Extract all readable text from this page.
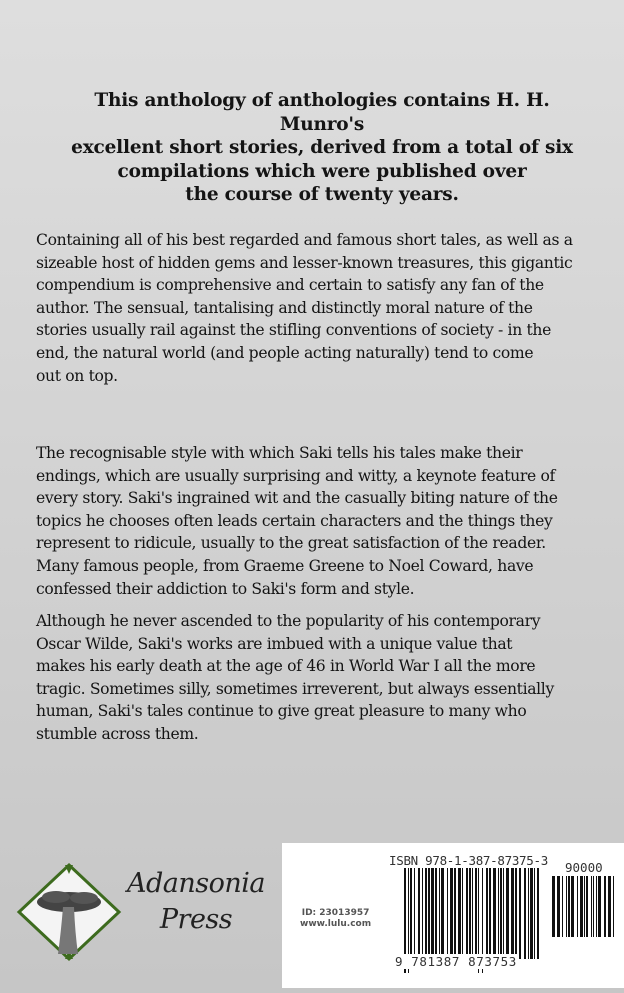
This anthology of anthologies contains H. H. Munro's
excellent short stories, derived from a total of six
compilations which were published over
the course of twenty years.
Containing all of his best regarded and famous short tales, as well as a
sizeable host of hidden gems and lesser-known treasures, this gigantic
compendium is comprehensive and certain to satisfy any fan of the
author. The sensual, tantalising and distinctly moral nature of the
stories usually rail against the stifling conventions of society - in the
end, the natural world (and people acting naturally) tend to come
out on top.
The recognisable style with which Saki tells his tales make their
endings, which are usually surprising and witty, a keynote feature of
every story. Saki's ingrained wit and the casually biting nature of the
topics he chooses often leads certain characters and the things they
represent to ridicule, usually to the great satisfaction of the reader.
Many famous people, from Graeme Greene to Noel Coward, have
confessed their addiction to Saki's form and style.
Although he never ascended to the popularity of his contemporary
Oscar Wilde, Saki's works are imbued with a unique value that
makes his early death at the age of 46 in World War I all the more
tragic. Sometimes silly, sometimes irreverent, but always essentially
human, Saki's tales continue to give great pleasure to many who
stumble across them.
Adansonia
Press
ISBN 978-1-387-87375-3 90000
9 781387 873753
ID: 23013957
www.lulu.com
